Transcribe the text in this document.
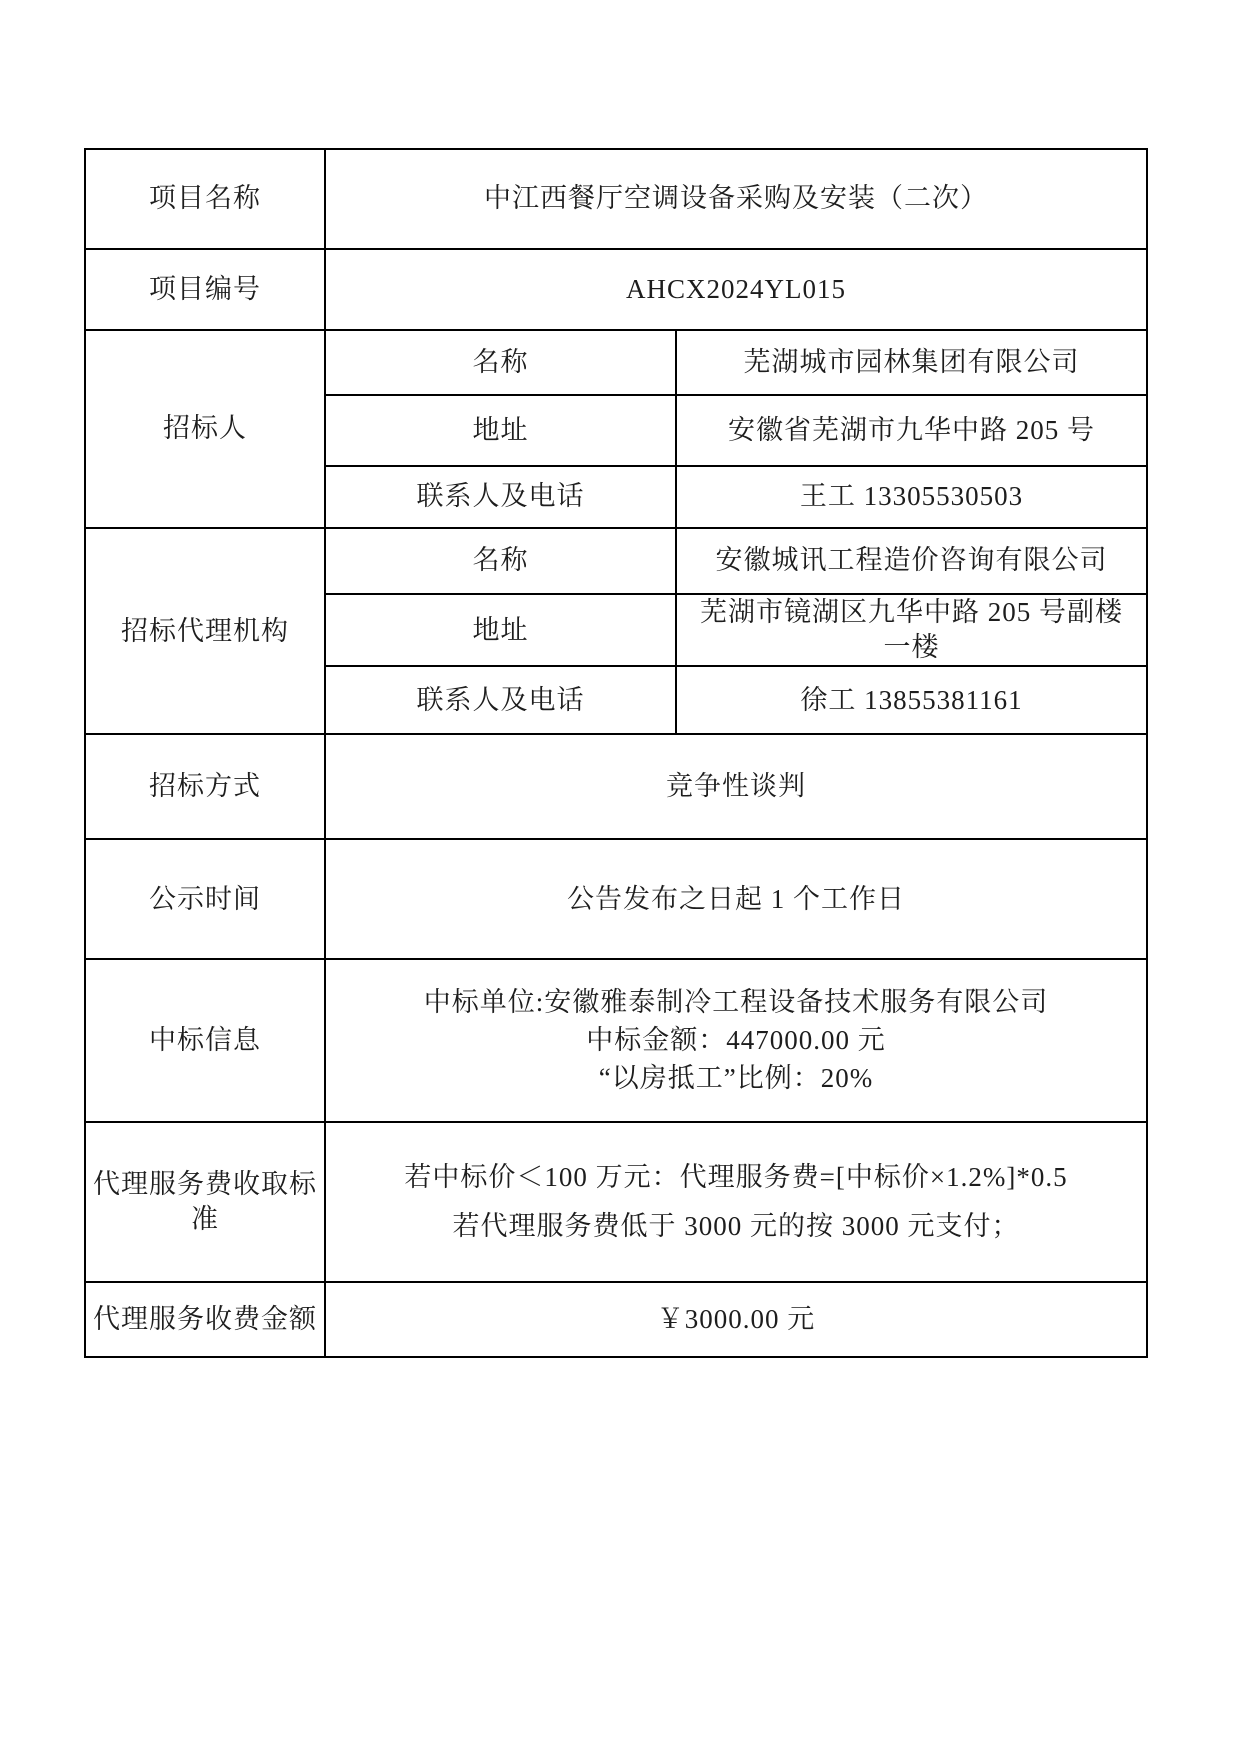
项目名称	中江西餐厅空调设备采购及安装（二次）	
项目编号	AHCX2024YL015	
招标人	名称	芜湖城市园林集团有限公司
	地址	安徽省芜湖市九华中路 205 号
	联系人及电话	王工 13305530503
招标代理机构	名称	安徽城讯工程造价咨询有限公司
	地址	芜湖市镜湖区九华中路 205 号副楼一楼
	联系人及电话	徐工 13855381161
招标方式	竞争性谈判	
公示时间	公告发布之日起 1 个工作日	
中标信息	中标单位:安徽雅泰制冷工程设备技术服务有限公司
中标金额：447000.00 元
“以房抵工”比例：20%	

代理服务费收取标准	若中标价＜100 万元：代理服务费=[中标价×1.2%]*0.5
若代理服务费低于 3000 元的按 3000 元支付；	

代理服务收费金额	￥3000.00 元	
